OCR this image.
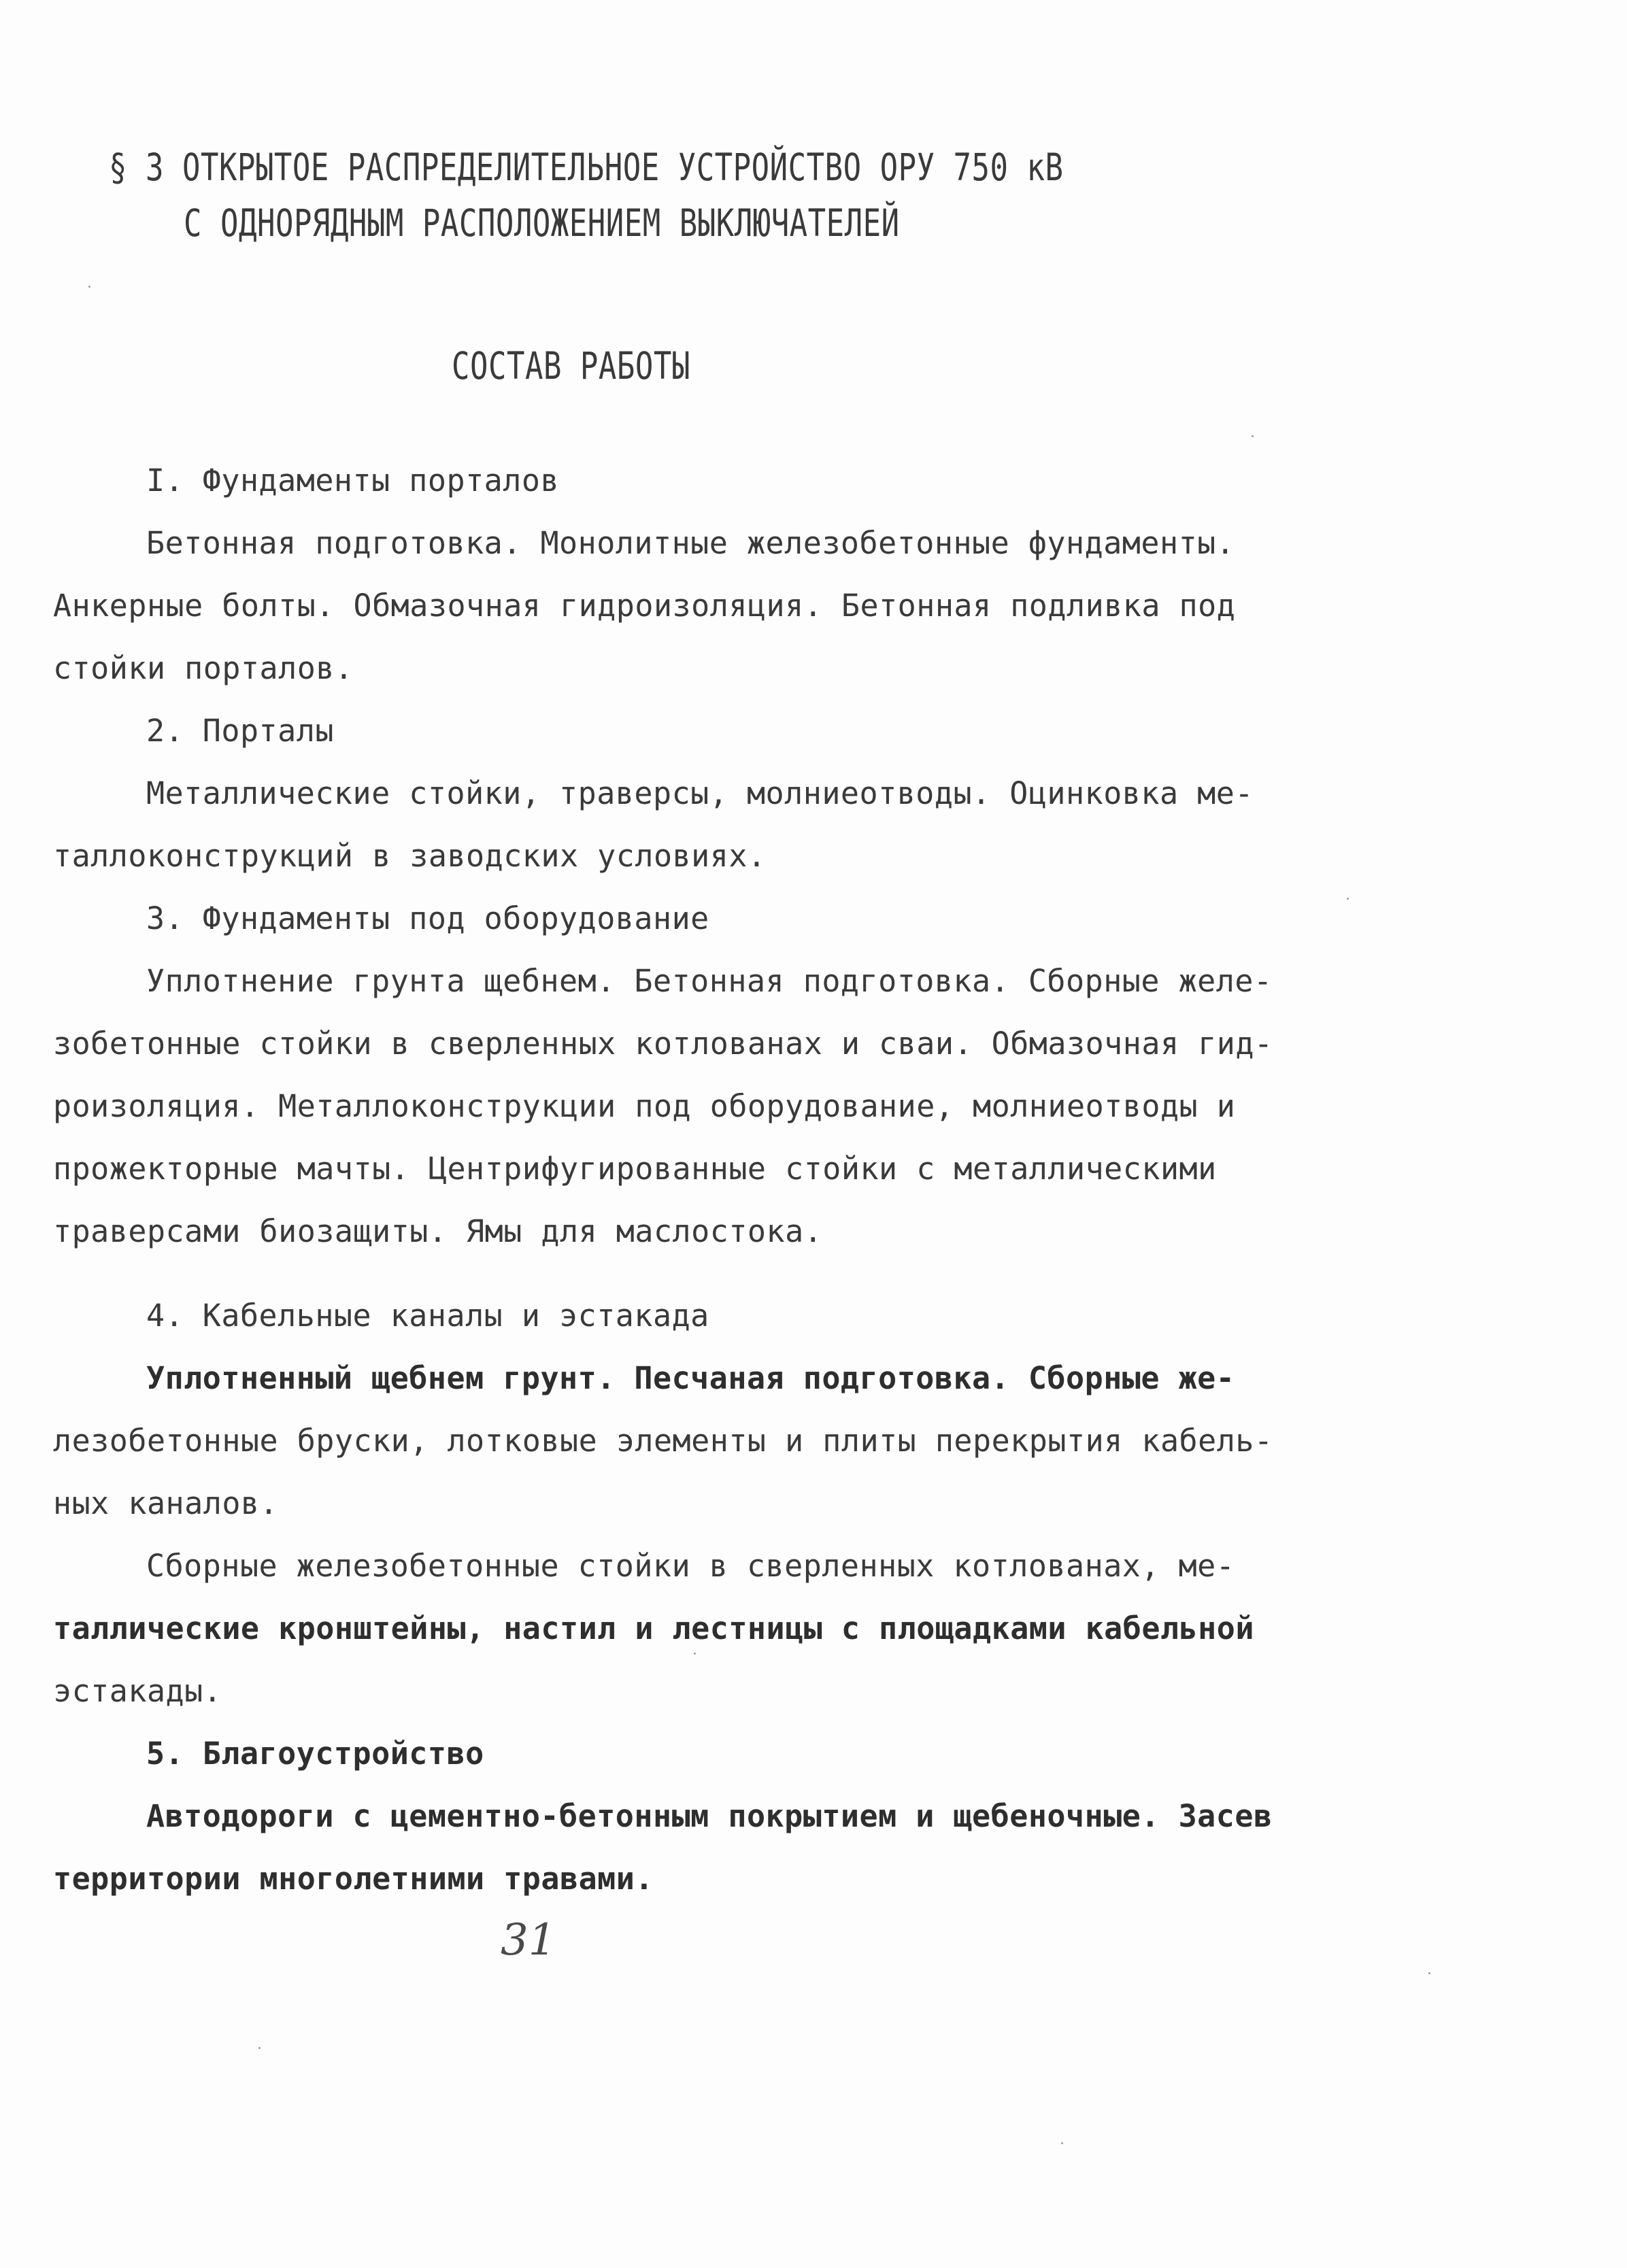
§ 3 ОТКРЫТОЕ РАСПРЕДЕЛИТЕЛЬНОЕ УСТРОЙСТВО ОРУ 750 кВ
С ОДНОРЯДНЫМ РАСПОЛОЖЕНИЕМ ВЫКЛЮЧАТЕЛЕЙ
СОСТАВ РАБОТЫ
I. Фундаменты порталов
Бетонная подготовка. Монолитные железобетонные фундаменты.
Анкерные болты. Обмазочная гидроизоляция. Бетонная подливка под
стойки порталов.
2. Порталы
Металлические стойки, траверсы, молниеотводы. Оцинковка ме-
таллоконструкций в заводских условиях.
3. Фундаменты под оборудование
Уплотнение грунта щебнем. Бетонная подготовка. Сборные желе-
зобетонные стойки в сверленных котлованах и сваи. Обмазочная гид-
роизоляция. Металлоконструкции под оборудование, молниеотводы и
прожекторные мачты. Центрифугированные стойки с металлическими
траверсами биозащиты. Ямы для маслостока.
4. Кабельные каналы и эстакада
Уплотненный щебнем грунт. Песчаная подготовка. Сборные же-
лезобетонные бруски, лотковые элементы и плиты перекрытия кабель-
ных каналов.
Сборные железобетонные стойки в сверленных котлованах, ме-
таллические кронштейны, настил и лестницы с площадками кабельной
эстакады.
5. Благоустройство
Автодороги с цементно-бетонным покрытием и щебеночные. Засев
территории многолетними травами.
31
